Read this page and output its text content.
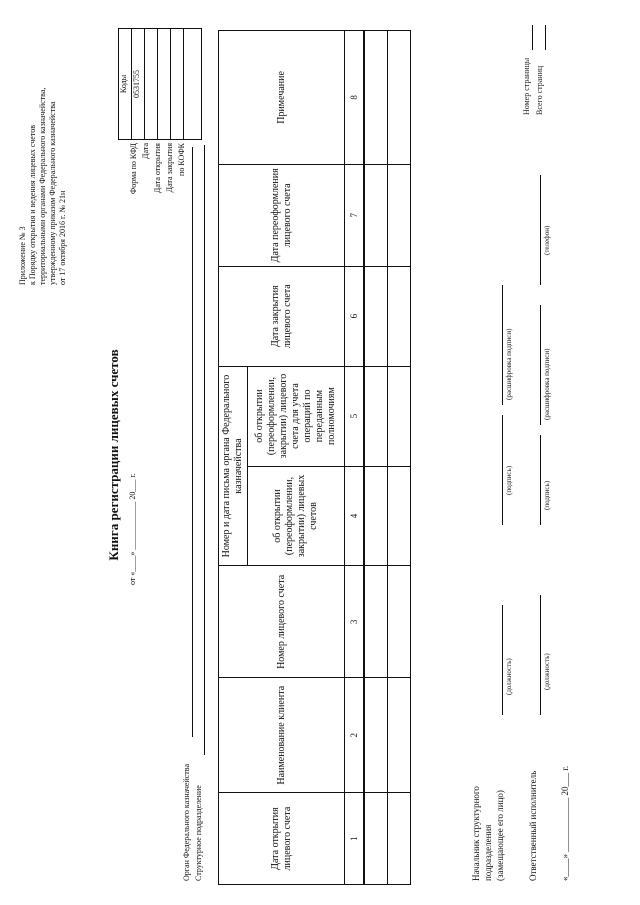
Приложение № 3 к Порядку открытия и ведения лицевых счетов территориальными органами Федерального казначейства, утвержденному приказом Федерального казначейства от 17 октября 2016 г. № 21н
Форма по КФД Дата Дата открытия Дата закрытия по КОФК
Коды 0531755
Книга регистрации лицевых счетов от «____» ____________ 20___ г.
Орган Федерального казначейства Структурное подразделение	Дата открытия лицевого счета	Наименование клиента	Номер лицевого счета	Номер и дата письма органа Федерального казначейства		Дата закрытия лицевого счета	Дата переоформления лицевого счета	Примечание
			об открытии (переоформлении, закрытии) лицевых счетов	об открытии (переоформлении, закрытии) лицевого счета для учета операций по переданным полномочиям			
1	2	3	4	5	6	7	8

Начальник структурного подразделения (замещающее его лицо)
(должность)
(подпись)
(расшифровка подписи)
Ответственный исполнитель
(должность)
(подпись)
(расшифровка подписи)
(телефон)
«____» ____________ 20___ г.
Номер страницы Всего страниц
